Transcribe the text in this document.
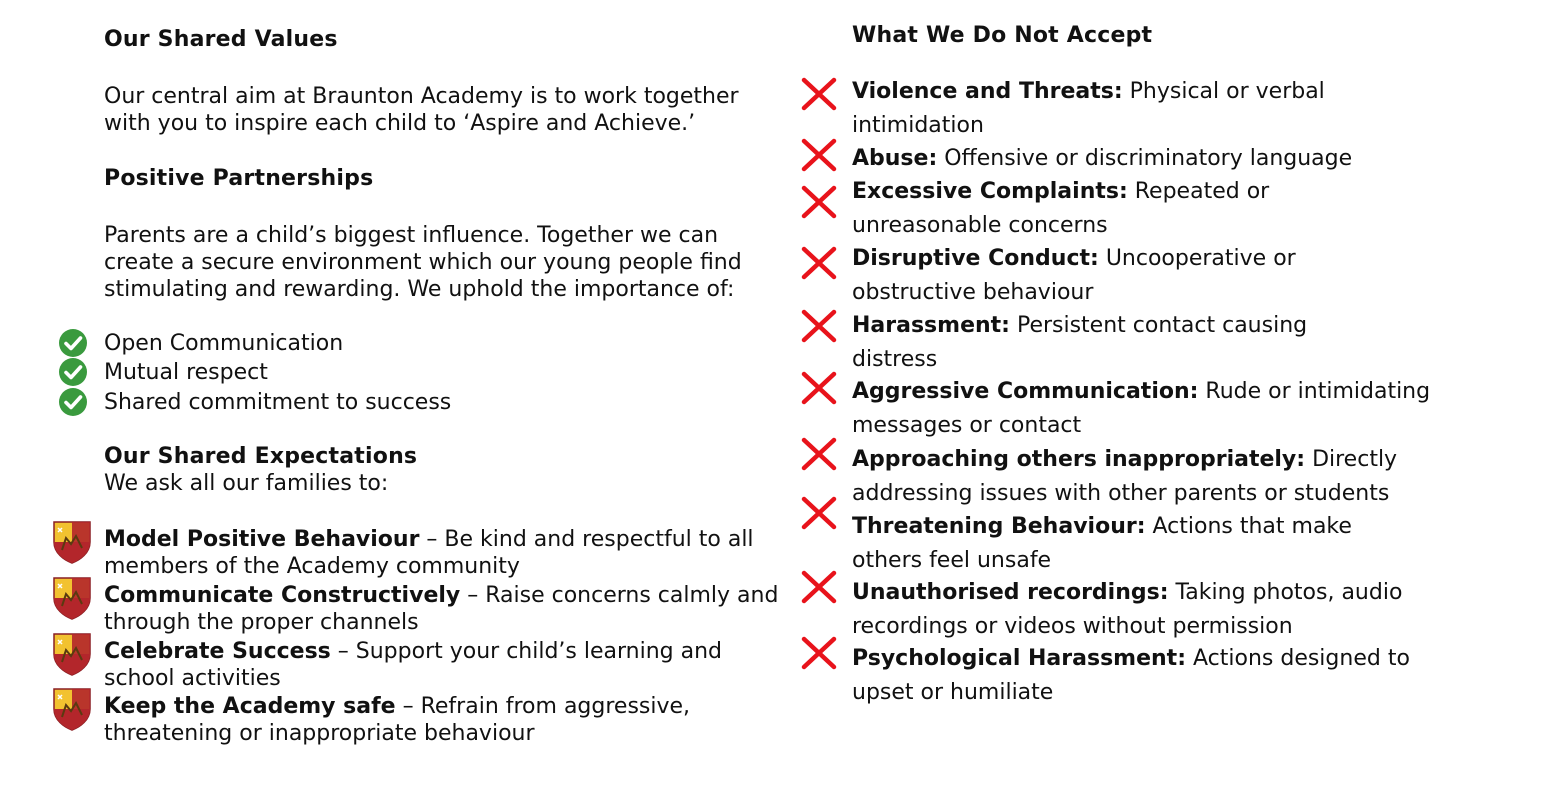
Our Shared Values
Our central aim at Braunton Academy is to work together
with you to inspire each child to ‘Aspire and Achieve.’
Positive Partnerships
Parents are a child’s biggest influence. Together we can
create a secure environment which our young people find
stimulating and rewarding. We uphold the importance of:
Open Communication
Mutual respect
Shared commitment to success
Our Shared Expectations
We ask all our families to:
Model Positive Behaviour – Be kind and respectful to all
members of the Academy community
Communicate Constructively – Raise concerns calmly and
through the proper channels
Celebrate Success – Support your child’s learning and
school activities
Keep the Academy safe – Refrain from aggressive,
threatening or inappropriate behaviour
What We Do Not Accept
Violence and Threats: Physical or verbal
intimidation
Abuse: Offensive or discriminatory language
Excessive Complaints: Repeated or
unreasonable concerns
Disruptive Conduct: Uncooperative or
obstructive behaviour
Harassment: Persistent contact causing
distress
Aggressive Communication: Rude or intimidating
messages or contact
Approaching others inappropriately: Directly
addressing issues with other parents or students
Threatening Behaviour: Actions that make
others feel unsafe
Unauthorised recordings: Taking photos, audio
recordings or videos without permission
Psychological Harassment: Actions designed to
upset or humiliate
